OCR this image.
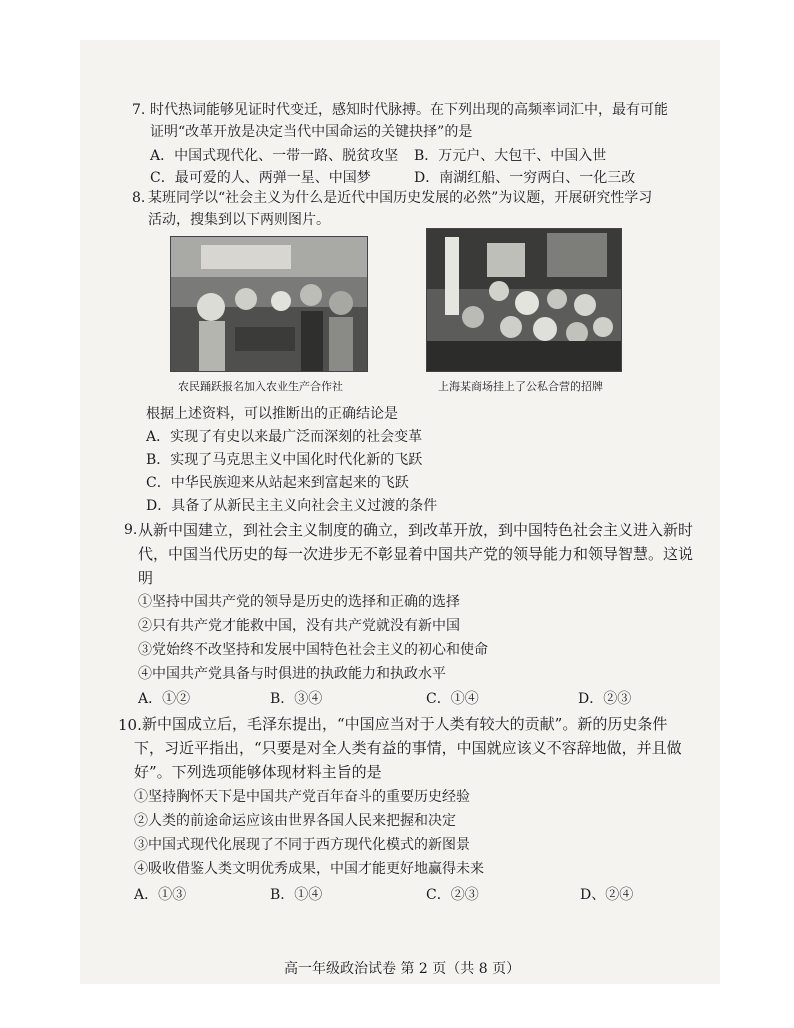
7. 时代热词能够见证时代变迁，感知时代脉搏。在下列出现的高频率词汇中，最有可能
证明“改革开放是决定当代中国命运的关键抉择”的是
A．中国式现代化、一带一路、脱贫攻坚 B．万元户、大包干、中国入世
C．最可爱的人、两弹一星、中国梦	D．南湖红船、一穷两白、一化三改
8. 某班同学以“社会主义为什么是近代中国历史发展的必然”为议题，开展研究性学习
活动，搜集到以下两则图片。
农民踊跃报名加入农业生产合作社	上海某商场挂上了公私合营的招牌
根据上述资料，可以推断出的正确结论是
A．实现了有史以来最广泛而深刻的社会变革
B．实现了马克思主义中国化时代化新的飞跃
C．中华民族迎来从站起来到富起来的飞跃
D．具备了从新民主主义向社会主义过渡的条件
9. 从新中国建立，到社会主义制度的确立，到改革开放，到中国特色社会主义进入新时
代，中国当代历史的每一次进步无不彰显着中国共产党的领导能力和领导智慧。这说
明
①坚持中国共产党的领导是历史的选择和正确的选择
②只有共产党才能救中国，没有共产党就没有新中国
③党始终不改坚持和发展中国特色社会主义的初心和使命
④中国共产党具备与时俱进的执政能力和执政水平
A．①②	B．③④	C．①④	D．②③
10. 新中国成立后，毛泽东提出，“中国应当对于人类有较大的贡献”。新的历史条件
下，习近平指出，“只要是对全人类有益的事情，中国就应该义不容辞地做，并且做
好”。下列选项能够体现材料主旨的是
①坚持胸怀天下是中国共产党百年奋斗的重要历史经验
②人类的前途命运应该由世界各国人民来把握和决定
③中国式现代化展现了不同于西方现代化模式的新图景
④吸收借鉴人类文明优秀成果，中国才能更好地赢得未来
A．①③	B．①④	C．②③	D、②④
高一年级政治试卷 第 2 页（共 8 页）
